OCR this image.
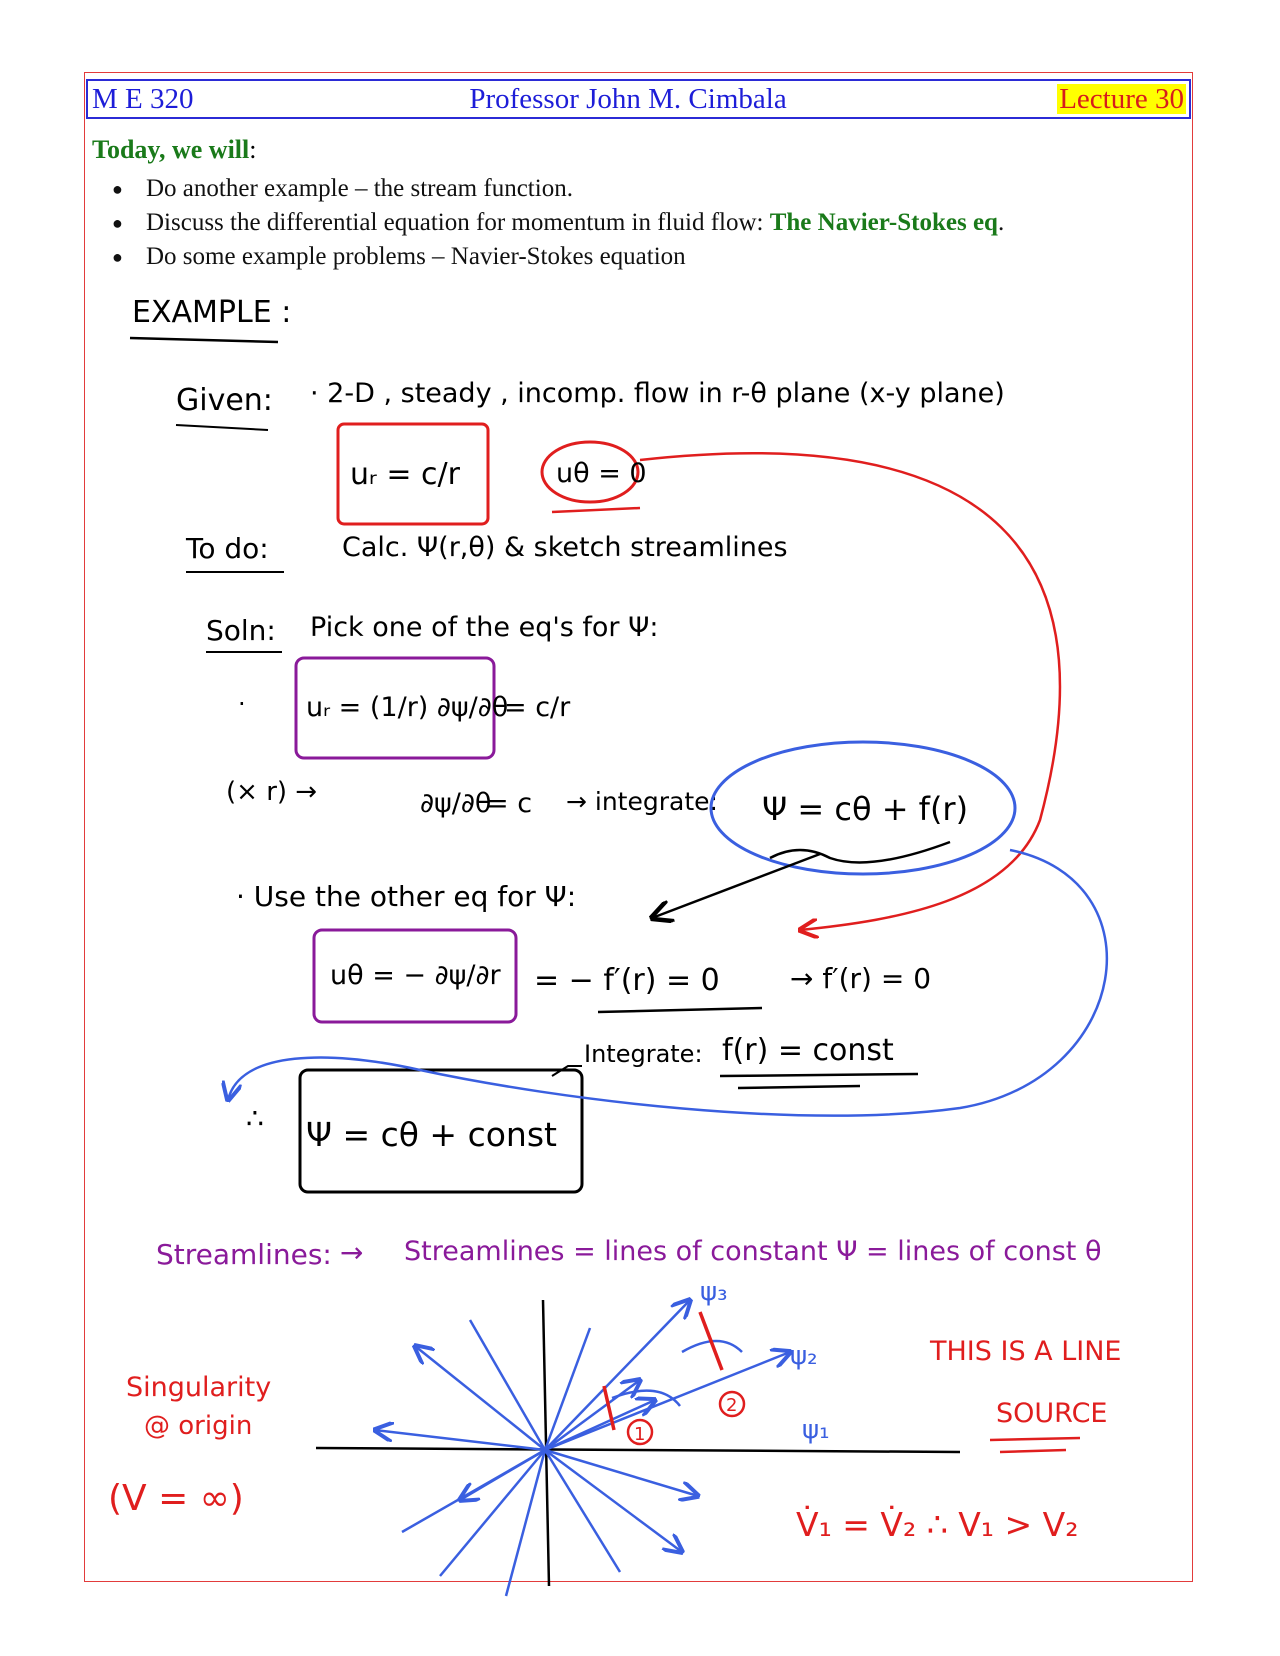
M E 320	Professor John M. Cimbala	Lecture 30
Today, we will:
● Do another example – the stream function.
● Discuss the differential equation for momentum in fluid flow: The Navier-Stokes eq.
● Do some example problems – Navier-Stokes equation
EXAMPLE :
Given: · 2-D , steady , incomp. flow in r-θ plane (x-y plane)
uᵣ = c/r	uθ = 0
To do:	Calc. Ψ(r,θ) & sketch streamlines
Soln: Pick one of the eq's for Ψ:
· uᵣ = (1/r) ∂ψ/∂θ
= c/r
(× r) →	∂ψ/∂θ
= c → integrate: Ψ = cθ + f(r)
· Use the other eq for Ψ:
uθ = − ∂ψ/∂r = − f′(r) = 0	→ f′(r) = 0
Integrate: f(r) = const
∴ Ψ = cθ + const
Streamlines: → Streamlines = lines of constant Ψ = lines of const θ
1
2
ψ₁
ψ₂
ψ₃
Singularity
@ origin
(V = ∞)
THIS IS A LINE
SOURCE
V̇₁ = V̇₂ ∴ V₁ > V₂
